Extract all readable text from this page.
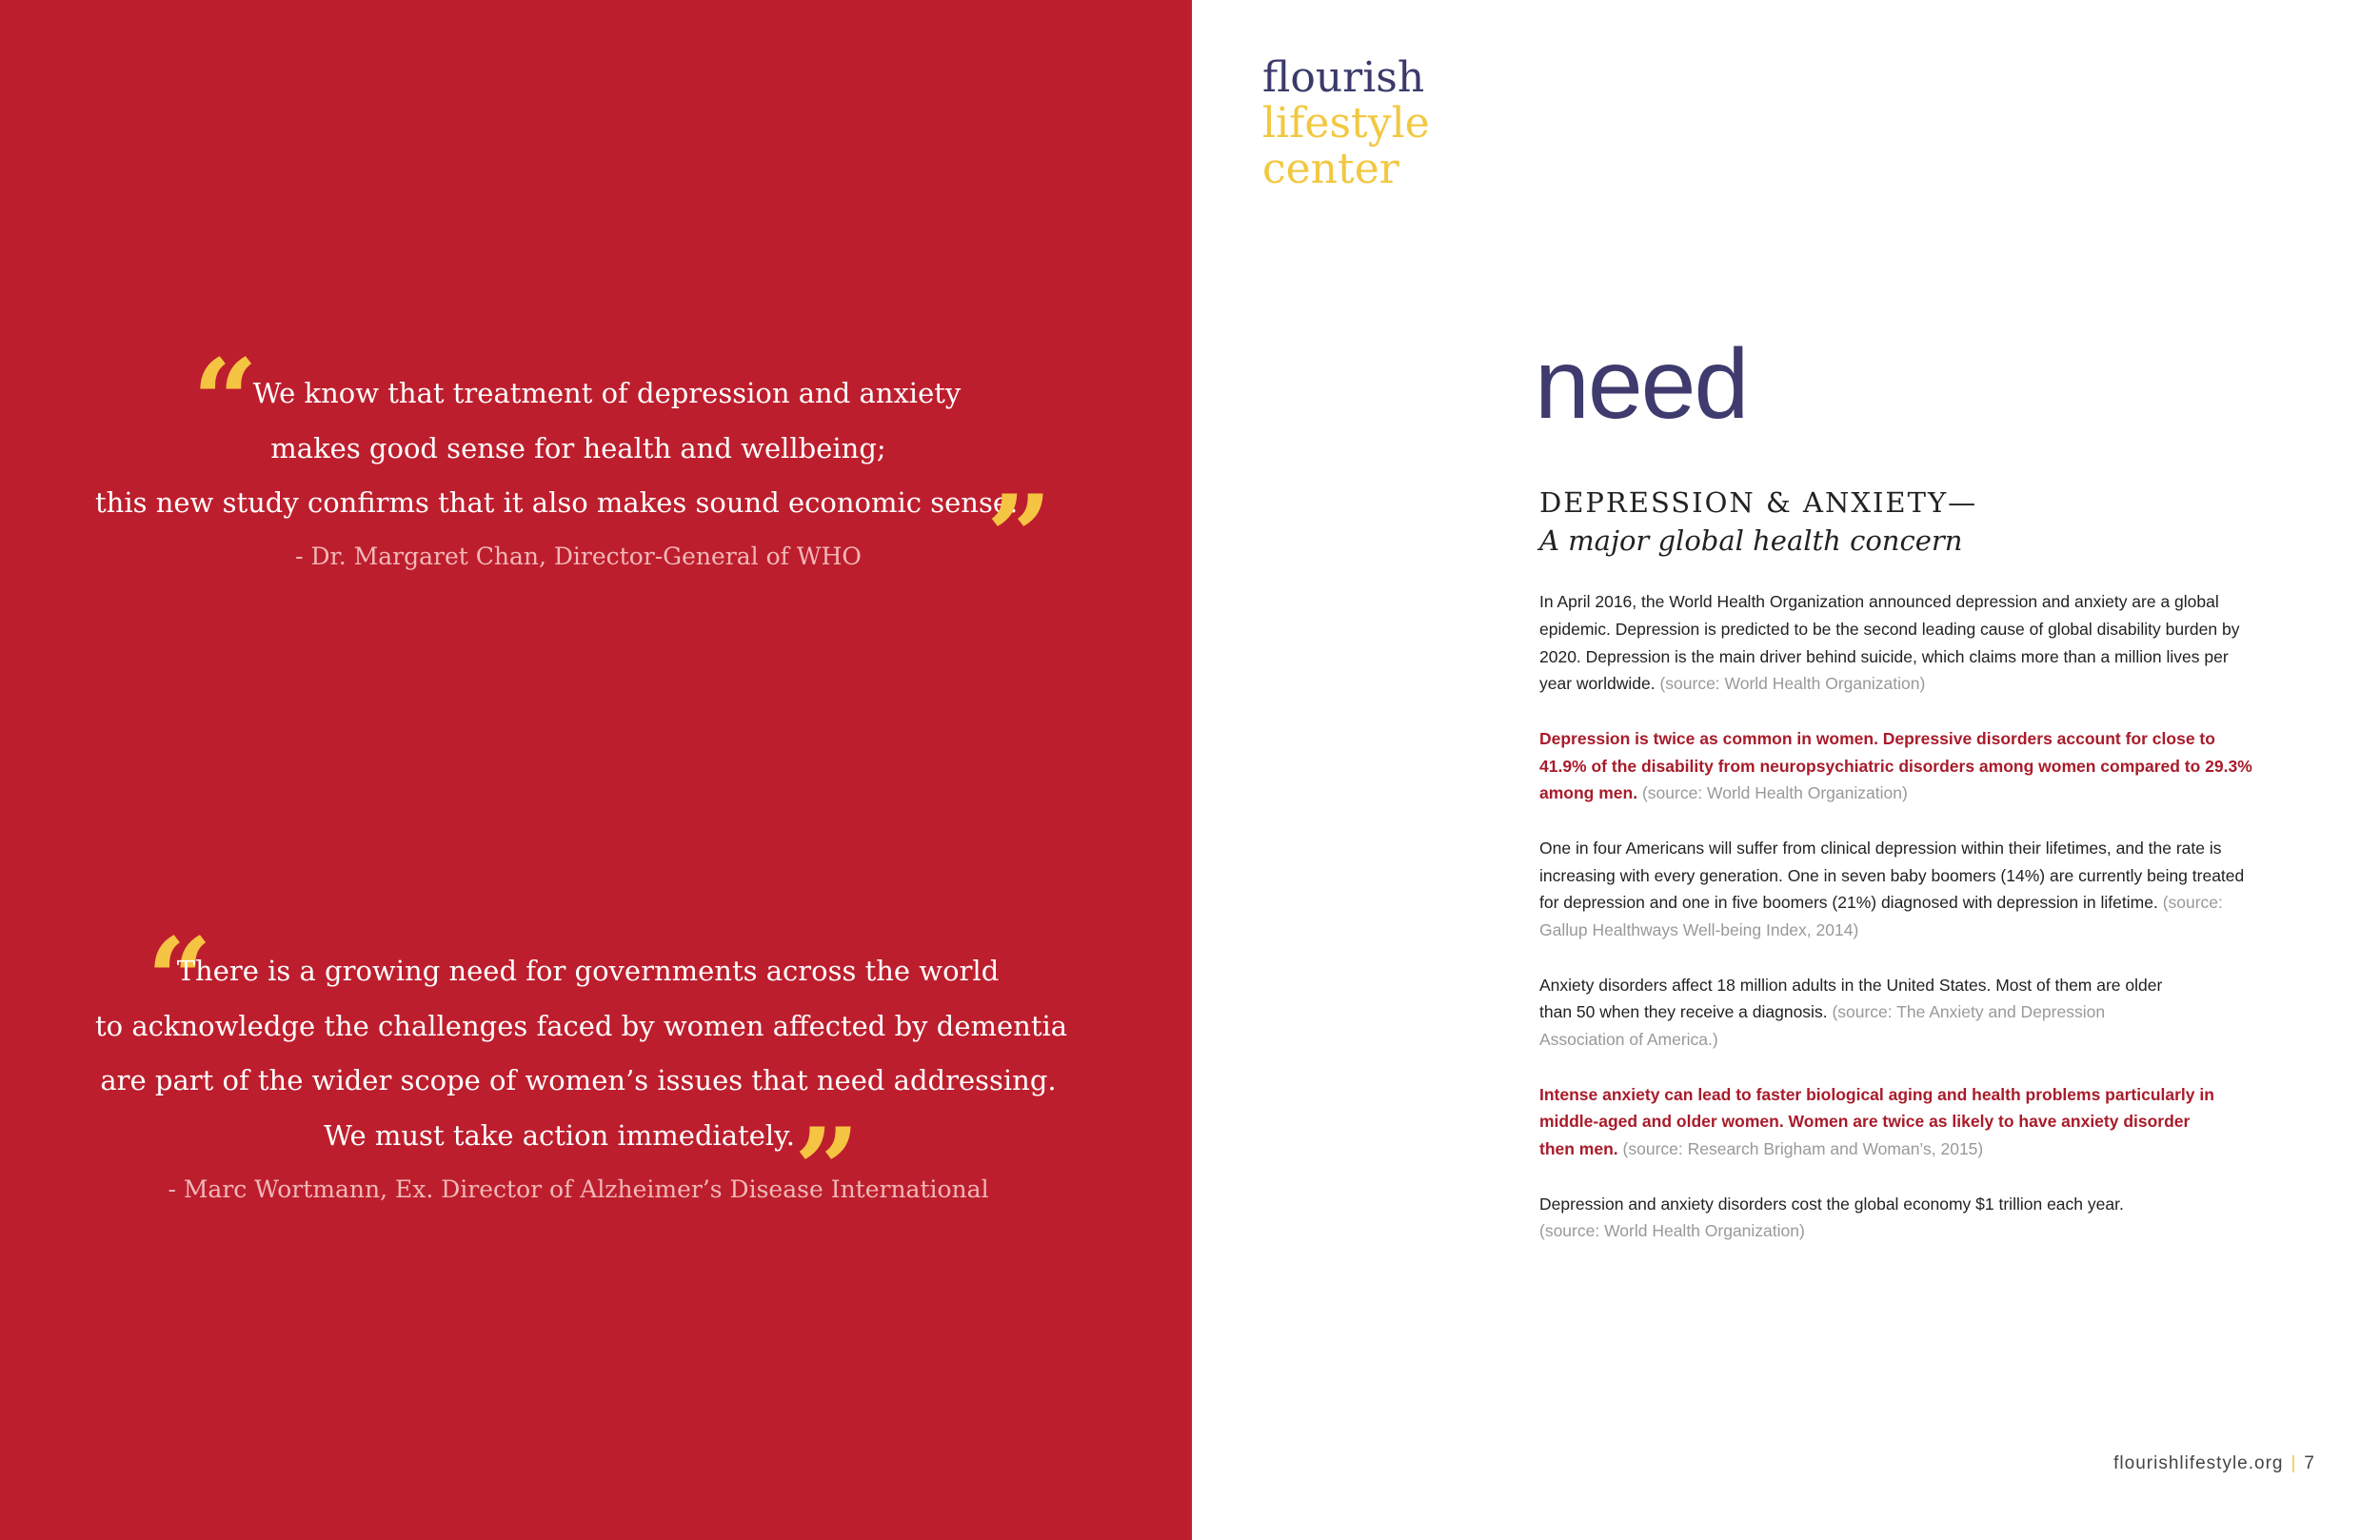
“
We know that treatment of depression and anxiety
makes good sense for health and wellbeing;
this new study confirms that it also makes sound economic sense.
”
- Dr. Margaret Chan, Director-General of WHO
“
There is a growing need for governments across the world
to acknowledge the challenges faced by women affected by dementia
are part of the wider scope of women’s issues that need addressing.
We must take action immediately. ”
- Marc Wortmann, Ex. Director of Alzheimer’s Disease International
flourish
lifestyle
center
need
DEPRESSION & ANXIETY—
A major global health concern

In April 2016, the World Health Organization announced depression and anxiety are a global epidemic. Depression is predicted to be the second leading cause of global disability burden by 2020. Depression is the main driver behind suicide, which claims more than a million lives per year worldwide. (source: World Health Organization)

Depression is twice as common in women. Depressive disorders account for close to 41.9% of the disability from neuropsychiatric disorders among women compared to 29.3% among men. (source: World Health Organization)

One in four Americans will suffer from clinical depression within their lifetimes, and the rate is increasing with every generation. One in seven baby boomers (14%) are currently being treated for depression and one in five boomers (21%) diagnosed with depression in lifetime. (source: Gallup Healthways Well-being Index, 2014)

Anxiety disorders affect 18 million adults in the United States. Most of them are older than 50 when they receive a diagnosis. (source: The Anxiety and Depression Association of America.)

Intense anxiety can lead to faster biological aging and health problems particularly in middle-aged and older women. Women are twice as likely to have anxiety disorder then men. (source: Research Brigham and Woman’s, 2015)

Depression and anxiety disorders cost the global economy $1 trillion each year. (source: World Health Organization)

flourishlifestyle.org | 7
